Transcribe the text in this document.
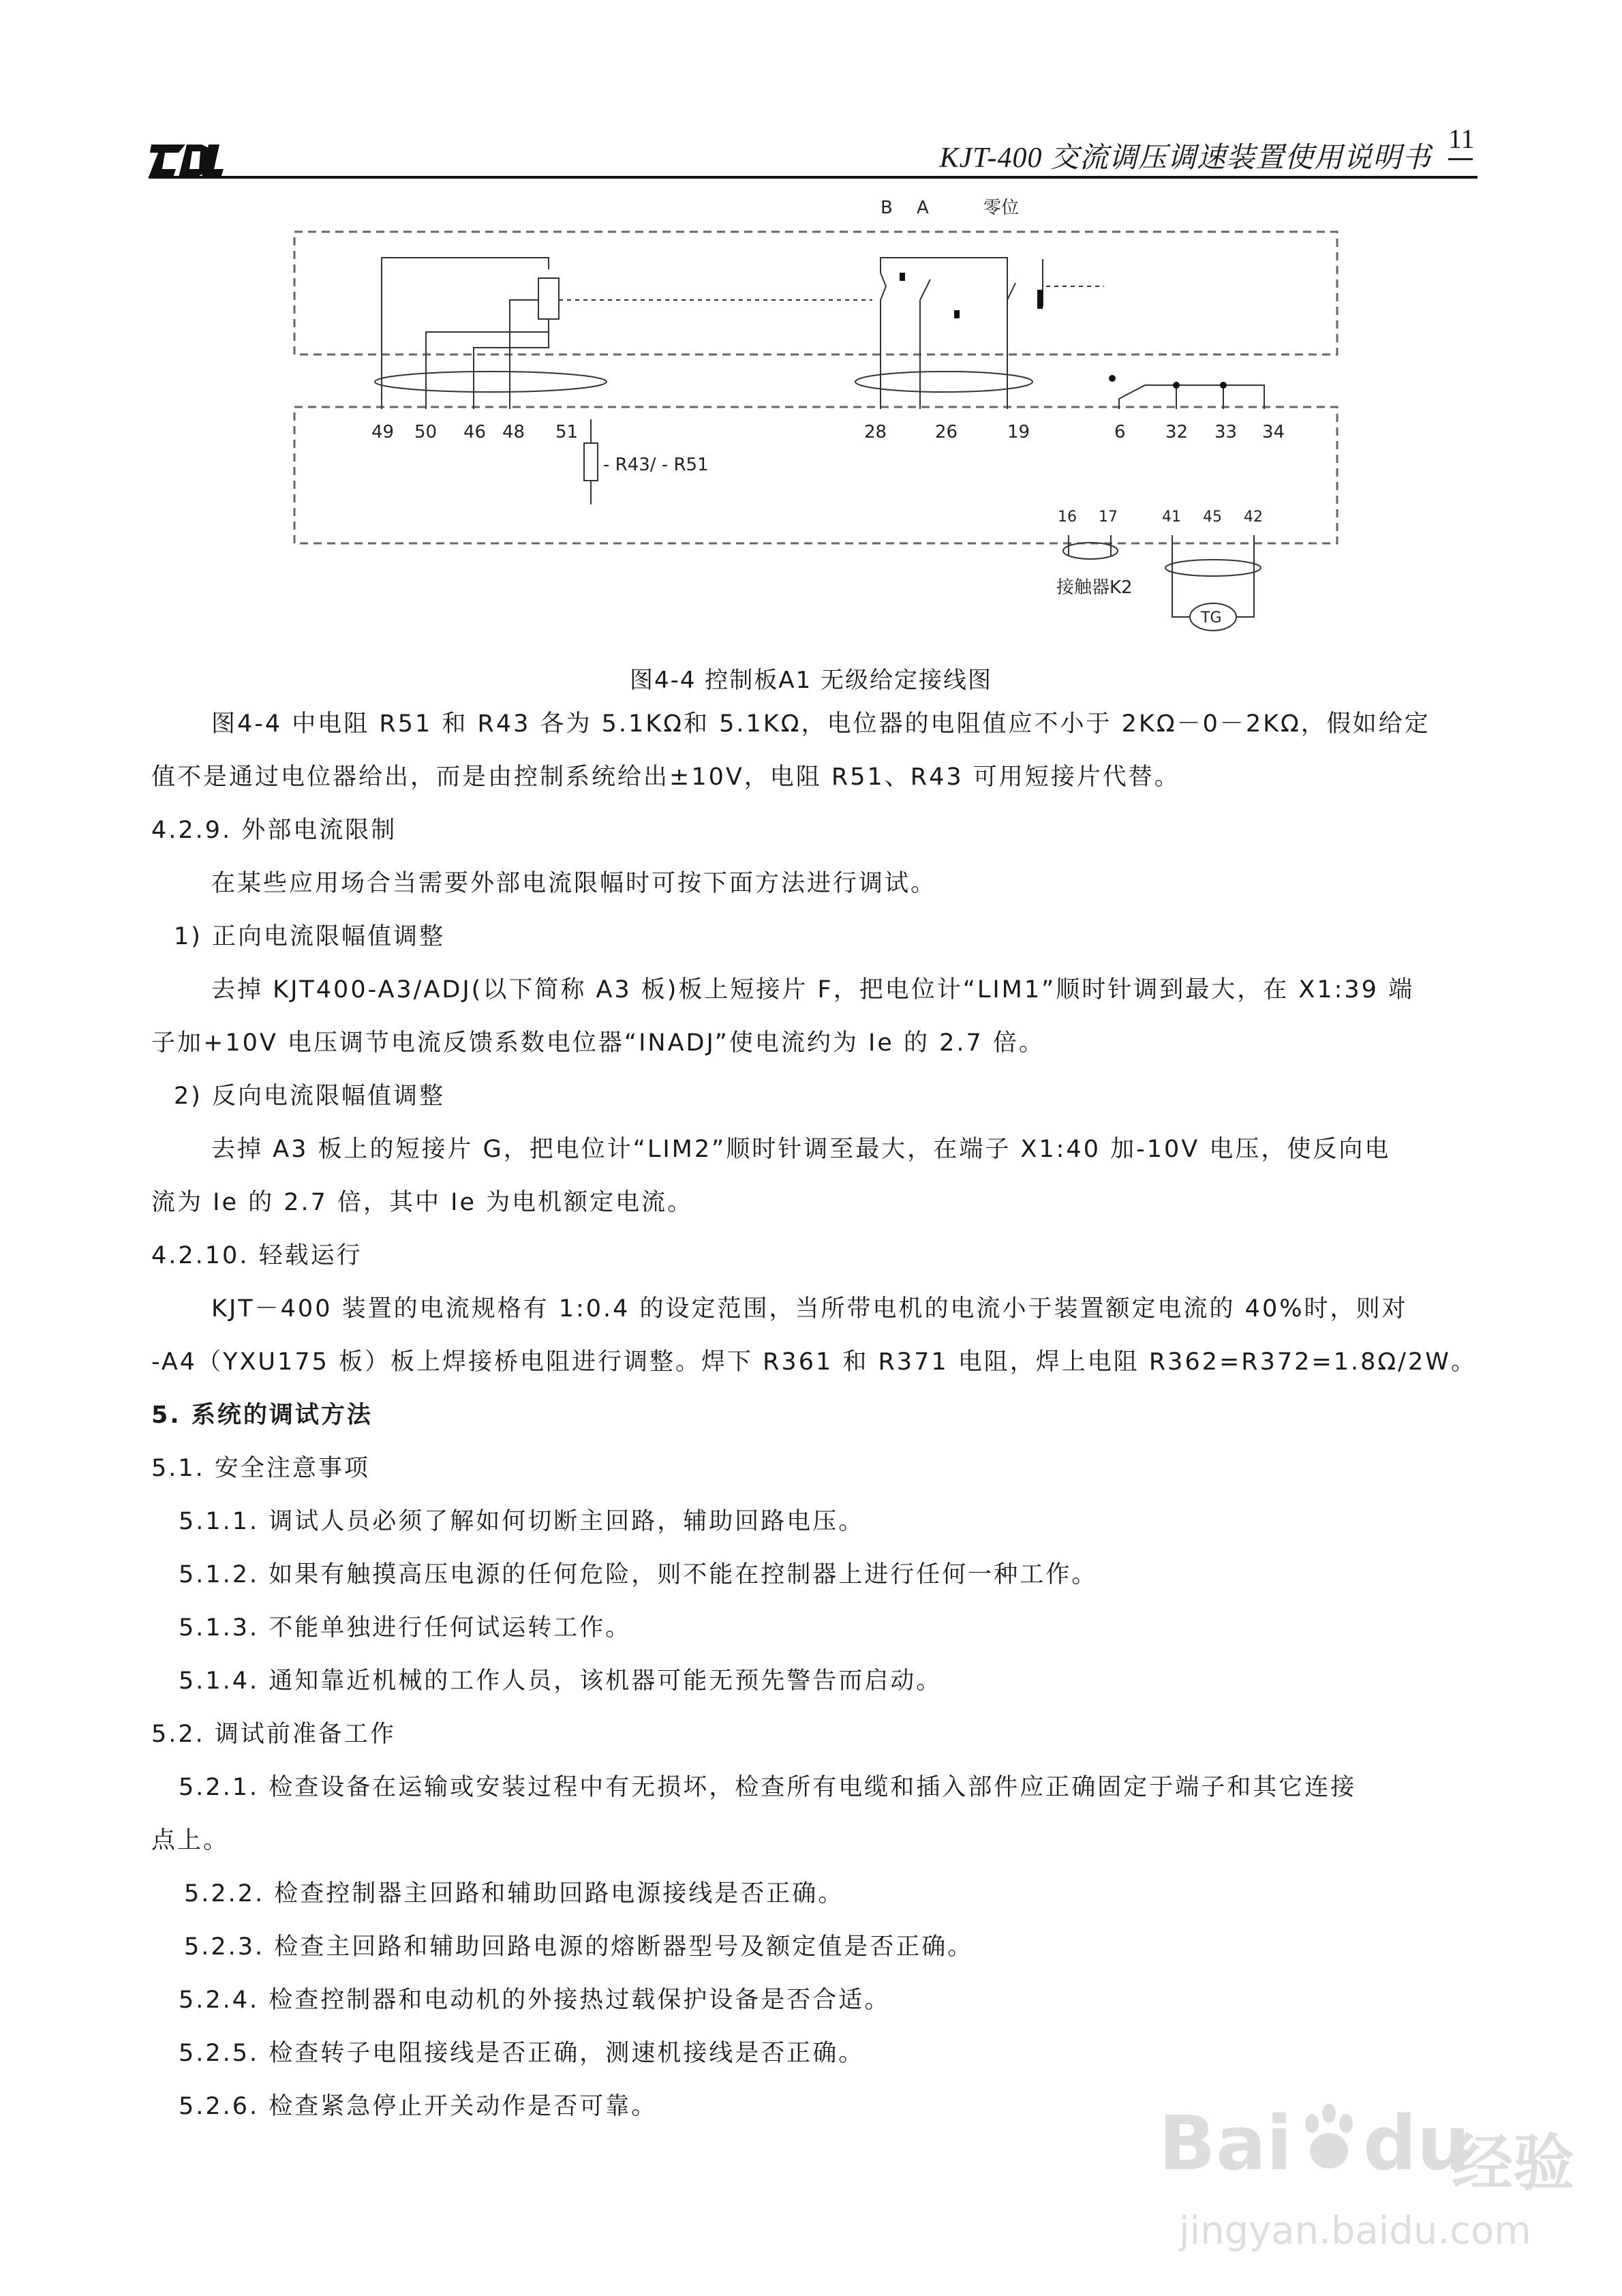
KJT-400 交流调压调速装置使用说明书
11
B A	零位
49 50 46 48 51	28	26	19	6 32 33 34
- R43/ - R51
16 17	41 45 42
TG
接触器K2
图4-4 控制板A1 无级给定接线图
图4-4 中电阻 R51 和 R43 各为 5.1KΩ和 5.1KΩ，电位器的电阻值应不小于 2KΩ－0－2KΩ，假如给定
值不是通过电位器给出，而是由控制系统给出±10V，电阻 R51、R43 可用短接片代替。
4.2.9. 外部电流限制
在某些应用场合当需要外部电流限幅时可按下面方法进行调试。
1) 正向电流限幅值调整
去掉 KJT400-A3/ADJ(以下简称 A3 板)板上短接片 F，把电位计“LIM1”顺时针调到最大，在 X1:39 端
子加+10V 电压调节电流反馈系数电位器“INADJ”使电流约为 Ie 的 2.7 倍。
2) 反向电流限幅值调整
去掉 A3 板上的短接片 G，把电位计“LIM2”顺时针调至最大，在端子 X1:40 加-10V 电压，使反向电
流为 Ie 的 2.7 倍，其中 Ie 为电机额定电流。
4.2.10. 轻载运行
KJT－400 装置的电流规格有 1:0.4 的设定范围，当所带电机的电流小于装置额定电流的 40%时，则对
-A4（YXU175 板）板上焊接桥电阻进行调整。焊下 R361 和 R371 电阻，焊上电阻 R362=R372=1.8Ω/2W。
5. 系统的调试方法
5.1. 安全注意事项
5.1.1. 调试人员必须了解如何切断主回路，辅助回路电压。
5.1.2. 如果有触摸高压电源的任何危险，则不能在控制器上进行任何一种工作。
5.1.3. 不能单独进行任何试运转工作。
5.1.4. 通知靠近机械的工作人员，该机器可能无预先警告而启动。
5.2. 调试前准备工作
5.2.1. 检查设备在运输或安装过程中有无损坏，检查所有电缆和插入部件应正确固定于端子和其它连接
点上。
5.2.2. 检查控制器主回路和辅助回路电源接线是否正确。
5.2.3. 检查主回路和辅助回路电源的熔断器型号及额定值是否正确。
5.2.4. 检查控制器和电动机的外接热过载保护设备是否合适。
5.2.5. 检查转子电阻接线是否正确，测速机接线是否正确。
5.2.6. 检查紧急停止开关动作是否可靠。	Bai du
经验
jingyan.baidu.com
